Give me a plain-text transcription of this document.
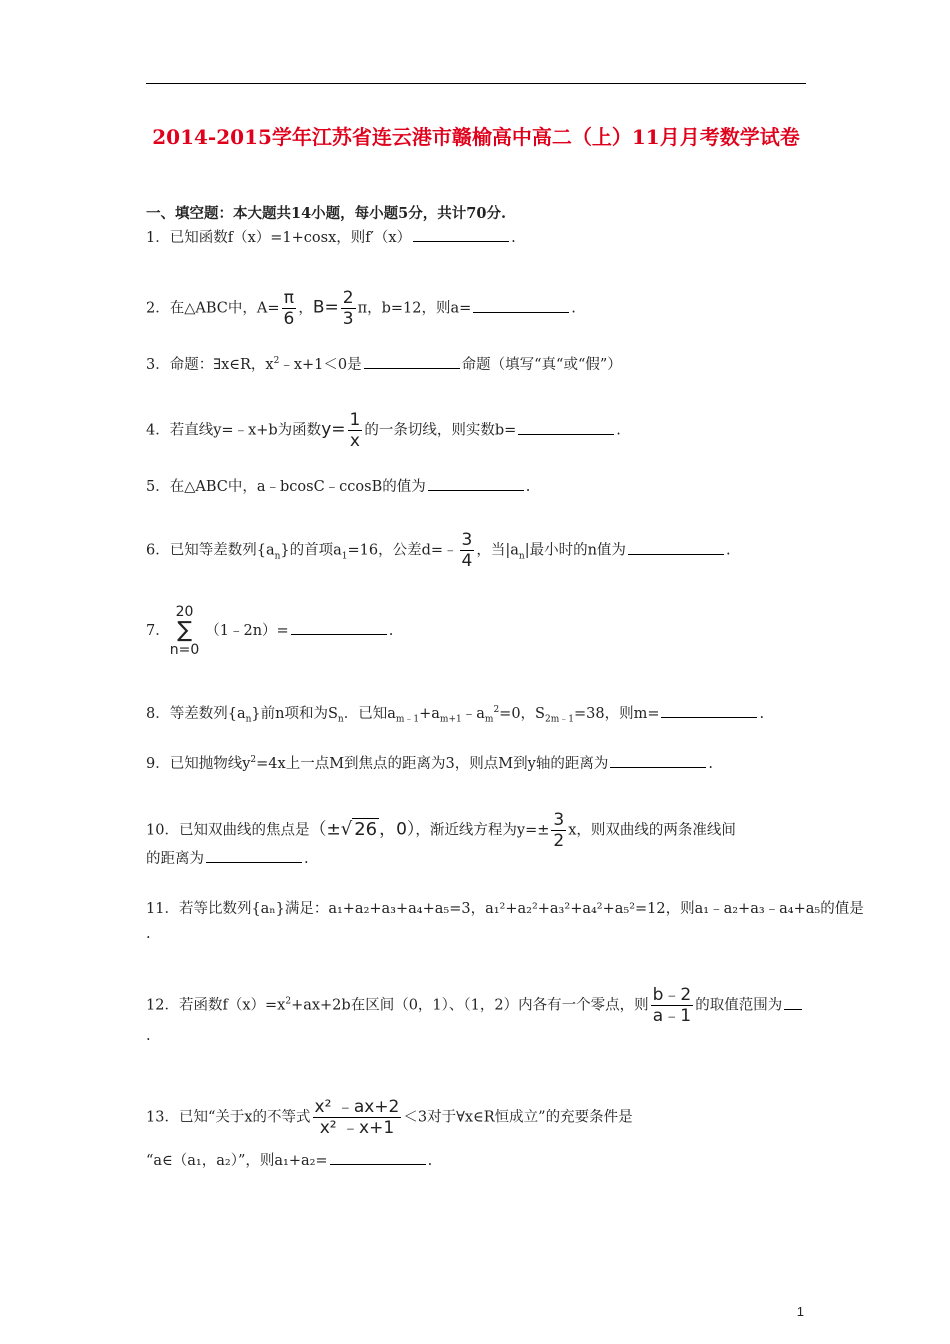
2014-2015学年江苏省连云港市赣榆高中高二（上）11月月考数学试卷
一、填空题：本大题共14小题，每小题5分，共计70分.
1．已知函数f（x）=1+cosx，则f′（x）	.
2．在△ABC中，$A= \frac{\pi}{6}$ ，$B= \frac{2}{3}$ π，b=12，则a=	.
3．命题：∃x∈R，$x^2﹣x+1<0$是	命题（填写“真“或“假”）
4．若直线y=﹣x+b为函数$y= \frac{1}{x}$ 的一条切线，则实数b=	.
5．在△ABC中，a﹣bcosC﹣ccosB的值为	.
6．已知等差数列$\{a_n\}$的首项$a_1=16$，公差d=﹣ $\frac{3}{4}$ ，当$|a_n|$最小时的n值为	.
7．
20
∑
n=0
（1﹣2n）=	.
8．等差数列$\{a_n\}$前n项和为$S_n$．已知$a_{m﹣1}+a_{m+1}﹣a_m^2=0$，$S_{2m﹣1}=38$，则m=	.
9．已知抛物线$y^2=4x$上一点M到焦点的距离为3，则点M到y轴的距离为	.
10．已知双曲线的焦点是（±√ 26 ，0），渐近线方程为$y=\pm \frac{3}{2}$ x，则双曲线的两条准线间
的距离为	.
11．若等比数列{aₙ}满足：a₁+a₂+a₃+a₄+a₅=3，a₁²+a₂²+a₃²+a₄²+a₅²=12，则a₁﹣a₂+a₃﹣a₄+a₅的值是
.
12．若函数$f(x)=x^2+ax+2b$在区间（0，1）、（1，2）内各有一个零点，则 $\frac{b﹣2}{a﹣1}$ 的取值范围为
.
13．已知“关于x的不等式 $\frac{\text{x² ﹣ax+2}}{\text{x² ﹣x+1}} <3$对于∀x∈R恒成立”的充要条件是
“a∈（a₁，a₂）”，则a₁+a₂=	.
1
